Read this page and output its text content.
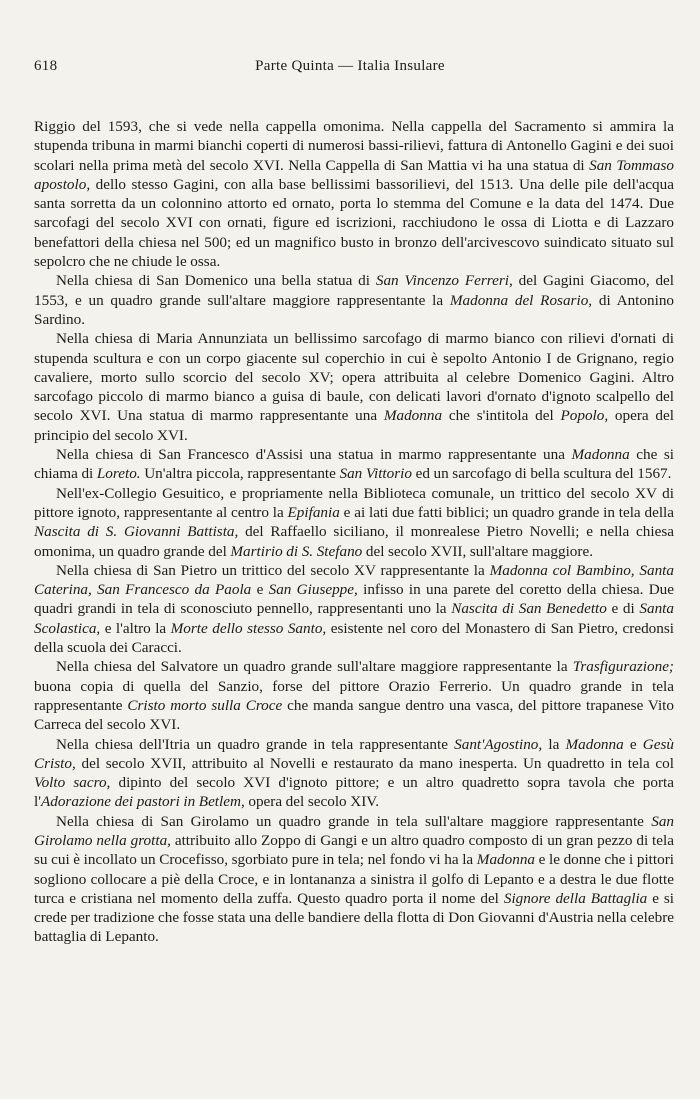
618	Parte Quinta — Italia Insulare

Riggio del 1593, che si vede nella cappella omonima. Nella cappella del Sacramento si ammira la stupenda tribuna in marmi bianchi coperti di numerosi bassi-rilievi, fattura di Antonello Gagini e dei suoi scolari nella prima metà del secolo XVI. Nella Cappella di San Mattia vi ha una statua di San Tommaso apostolo, dello stesso Gagini, con alla base bellissimi bassorilievi, del 1513. Una delle pile dell'acqua santa sorretta da un colonnino attorto ed ornato, porta lo stemma del Comune e la data del 1474. Due sarcofagi del secolo XVI con ornati, figure ed iscrizioni, racchiudono le ossa di Liotta e di Lazzaro benefattori della chiesa nel 500; ed un magnifico busto in bronzo dell'arcivescovo suindicato situato sul sepolcro che ne chiude le ossa.

Nella chiesa di San Domenico una bella statua di San Vincenzo Ferreri, del Gagini Giacomo, del 1553, e un quadro grande sull'altare maggiore rappresentante la Madonna del Rosario, di Antonino Sardino.

Nella chiesa di Maria Annunziata un bellissimo sarcofago di marmo bianco con rilievi d'ornati di stupenda scultura e con un corpo giacente sul coperchio in cui è sepolto Antonio I de Grignano, regio cavaliere, morto sullo scorcio del secolo XV; opera attribuita al celebre Domenico Gagini. Altro sarcofago piccolo di marmo bianco a guisa di baule, con delicati lavori d'ornato d'ignoto scalpello del secolo XVI. Una statua di marmo rappresentante una Madonna che s'intitola del Popolo, opera del principio del secolo XVI.

Nella chiesa di San Francesco d'Assisi una statua in marmo rappresentante una Madonna che si chiama di Loreto. Un'altra piccola, rappresentante San Vittorio ed un sarcofago di bella scultura del 1567.

Nell'ex-Collegio Gesuitico, e propriamente nella Biblioteca comunale, un trittico del secolo XV di pittore ignoto, rappresentante al centro la Epifania e ai lati due fatti biblici; un quadro grande in tela della Nascita di S. Giovanni Battista, del Raffaello siciliano, il monrealese Pietro Novelli; e nella chiesa omonima, un quadro grande del Martirio di S. Stefano del secolo XVII, sull'altare maggiore.

Nella chiesa di San Pietro un trittico del secolo XV rappresentante la Madonna col Bambino, Santa Caterina, San Francesco da Paola e San Giuseppe, infisso in una parete del coretto della chiesa. Due quadri grandi in tela di sconosciuto pennello, rappresentanti uno la Nascita di San Benedetto e di Santa Scolastica, e l'altro la Morte dello stesso Santo, esistente nel coro del Monastero di San Pietro, credonsi della scuola dei Caracci.

Nella chiesa del Salvatore un quadro grande sull'altare maggiore rappresentante la Trasfigurazione; buona copia di quella del Sanzio, forse del pittore Orazio Ferrerio. Un quadro grande in tela rappresentante Cristo morto sulla Croce che manda sangue dentro una vasca, del pittore trapanese Vito Carreca del secolo XVI.

Nella chiesa dell'Itria un quadro grande in tela rappresentante Sant'Agostino, la Madonna e Gesù Cristo, del secolo XVII, attribuito al Novelli e restaurato da mano inesperta. Un quadretto in tela col Volto sacro, dipinto del secolo XVI d'ignoto pittore; e un altro quadretto sopra tavola che porta l'Adorazione dei pastori in Betlem, opera del secolo XIV.

Nella chiesa di San Girolamo un quadro grande in tela sull'altare maggiore rappresentante San Girolamo nella grotta, attribuito allo Zoppo di Gangi e un altro quadro composto di un gran pezzo di tela su cui è incollato un Crocefisso, sgorbiato pure in tela; nel fondo vi ha la Madonna e le donne che i pittori sogliono collocare a piè della Croce, e in lontananza a sinistra il golfo di Lepanto e a destra le due flotte turca e cristiana nel momento della zuffa. Questo quadro porta il nome del Signore della Battaglia e si crede per tradizione che fosse stata una delle bandiere della flotta di Don Giovanni d'Austria nella celebre battaglia di Lepanto.
